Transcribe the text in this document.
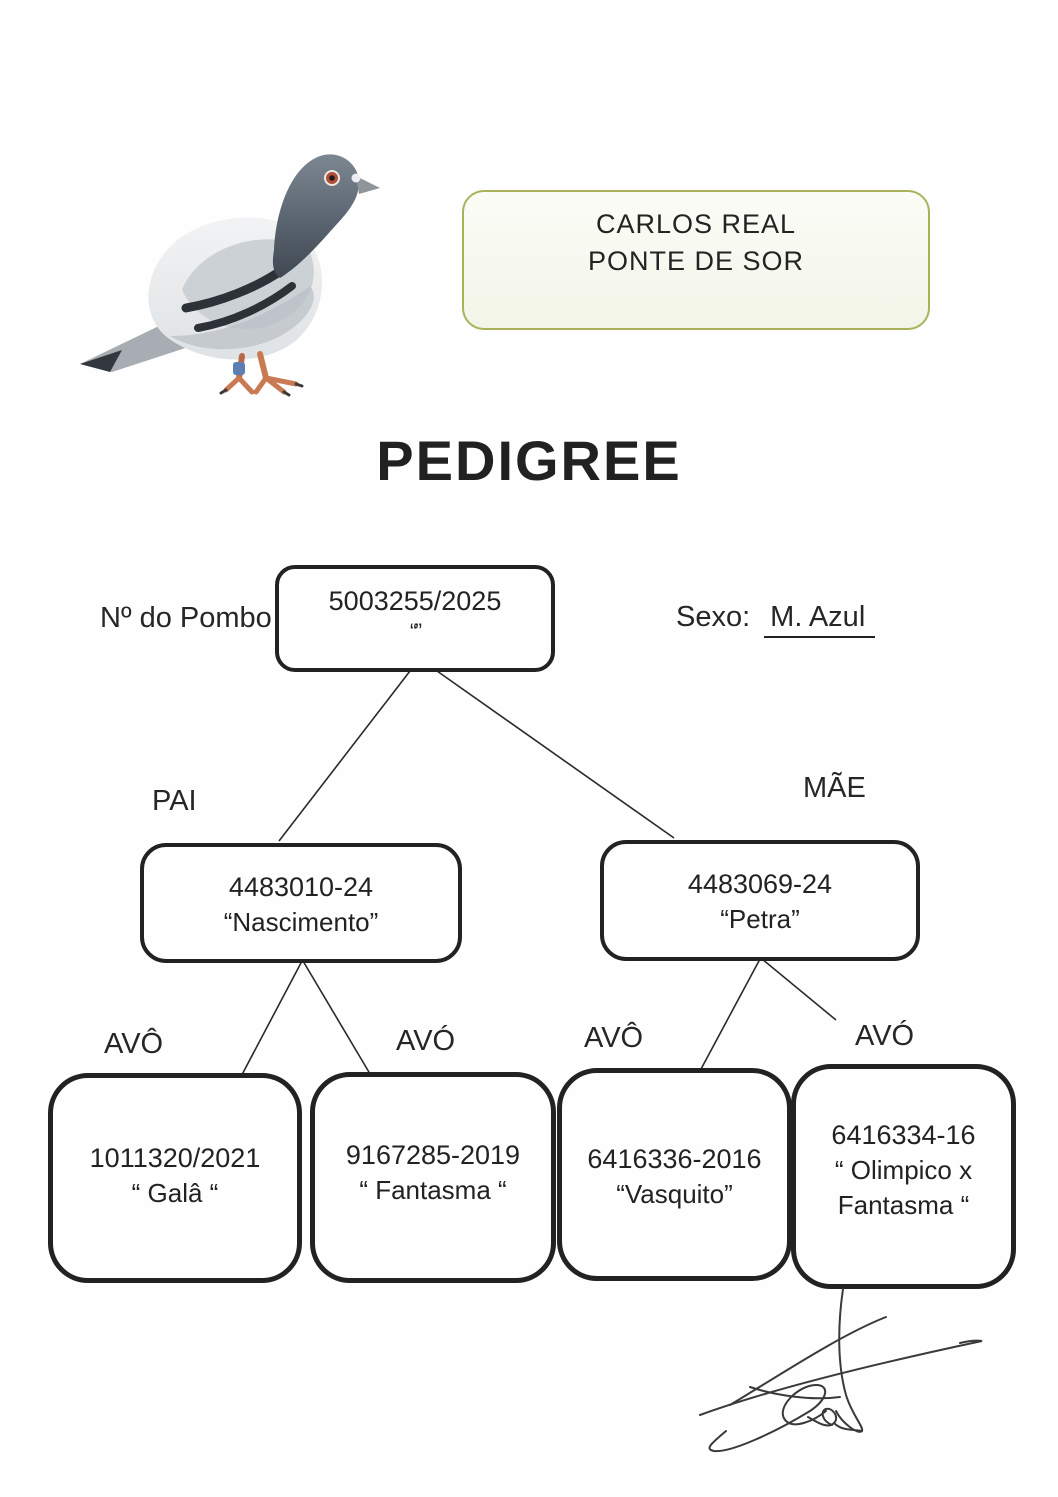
CARLOS REAL
PONTE DE SOR
PEDIGREE
Nº do Pombo
5003255/2025
“”	Sexo: M. Azul
PAI
4483010-24
“Nascimento”
MÃE
4483069-24
“Petra”
AVÔ	AVÓ	AVÔ	AVÓ
1011320/2021
“ Galâ “
9167285-2019
“ Fantasma “
6416336-2016
“Vasquito”
6416334-16
“ Olimpico x Fantasma “
